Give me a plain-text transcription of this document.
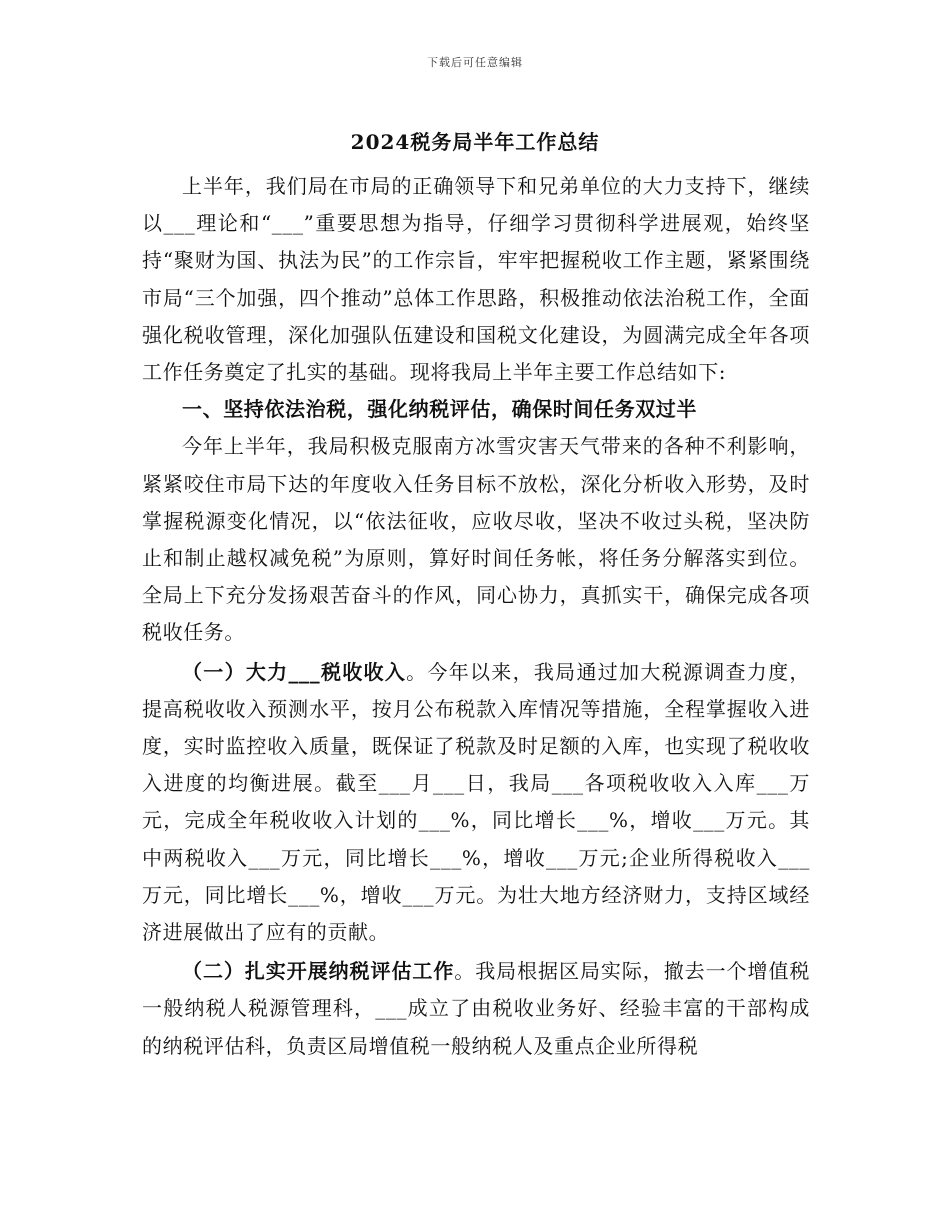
下载后可任意编辑
2024税务局半年工作总结

上半年，我们局在市局的正确领导下和兄弟单位的大力支持下，继续以___理论和“___”重要思想为指导，仔细学习贯彻科学进展观，始终坚持“聚财为国、执法为民”的工作宗旨，牢牢把握税收工作主题，紧紧围绕市局“三个加强，四个推动”总体工作思路，积极推动依法治税工作，全面强化税收管理，深化加强队伍建设和国税文化建设，为圆满完成全年各项工作任务奠定了扎实的基础。现将我局上半年主要工作总结如下:

一、坚持依法治税，强化纳税评估，确保时间任务双过半

今年上半年，我局积极克服南方冰雪灾害天气带来的各种不利影响，紧紧咬住市局下达的年度收入任务目标不放松，深化分析收入形势，及时掌握税源变化情况，以“依法征收，应收尽收，坚决不收过头税，坚决防止和制止越权减免税”为原则，算好时间任务帐，将任务分解落实到位。全局上下充分发扬艰苦奋斗的作风，同心协力，真抓实干，确保完成各项税收任务。

（一）大力___税收收入。今年以来，我局通过加大税源调查力度，提高税收收入预测水平，按月公布税款入库情况等措施，全程掌握收入进度，实时监控收入质量，既保证了税款及时足额的入库，也实现了税收收入进度的均衡进展。截至___月___日，我局___各项税收收入入库___万元，完成全年税收收入计划的___%，同比增长___%，增收___万元。其中两税收入___万元，同比增长___%，增收___万元;企业所得税收入___万元，同比增长___%，增收___万元。为壮大地方经济财力，支持区域经济进展做出了应有的贡献。

（二）扎实开展纳税评估工作。我局根据区局实际，撤去一个增值税一般纳税人税源管理科，___成立了由税收业务好、经验丰富的干部构成的纳税评估科，负责区局增值税一般纳税人及重点企业所得税
